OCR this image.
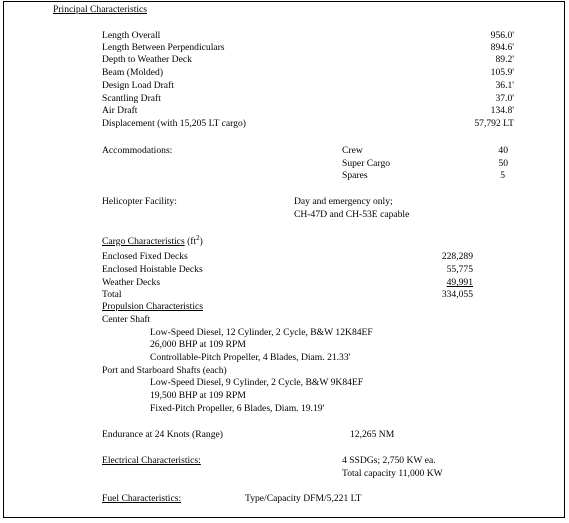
Principal Characteristics
Length Overall	956.0'
Length Between Perpendiculars	894.6'
Depth to Weather Deck	89.2'
Beam (Molded)	105.9'
Design Load Draft	36.1'
Scantling Draft	37.0'
Air Draft	134.8'
Displacement (with 15,205 LT cargo)	57,792 LT
Accommodations:	Crew	40
Super Cargo	50
Spares	5
Helicopter Facility:	Day and emergency only;
CH-47D and CH-53E capable
Cargo Characteristics $(ft^2)$
Enclosed Fixed Decks	228,289
Enclosed Hoistable Decks	55,775
Weather Decks	49,991
Total	334,055
Propulsion Characteristics
Center Shaft
Low-Speed Diesel, 12 Cylinder, 2 Cycle, B&W 12K84EF
26,000 BHP at 109 RPM
Controllable-Pitch Propeller, 4 Blades, Diam. 21.33'
Port and Starboard Shafts (each)
Low-Speed Diesel, 9 Cylinder, 2 Cycle, B&W 9K84EF
19,500 BHP at 109 RPM
Fixed-Pitch Propeller, 6 Blades, Diam. 19.19'
Endurance at 24 Knots (Range)	12,265 NM
Electrical Characteristics:	4 SSDGs; 2,750 KW ea.
Total capacity 11,000 KW
Fuel Characteristics:	Type/Capacity DFM/5,221 LT
